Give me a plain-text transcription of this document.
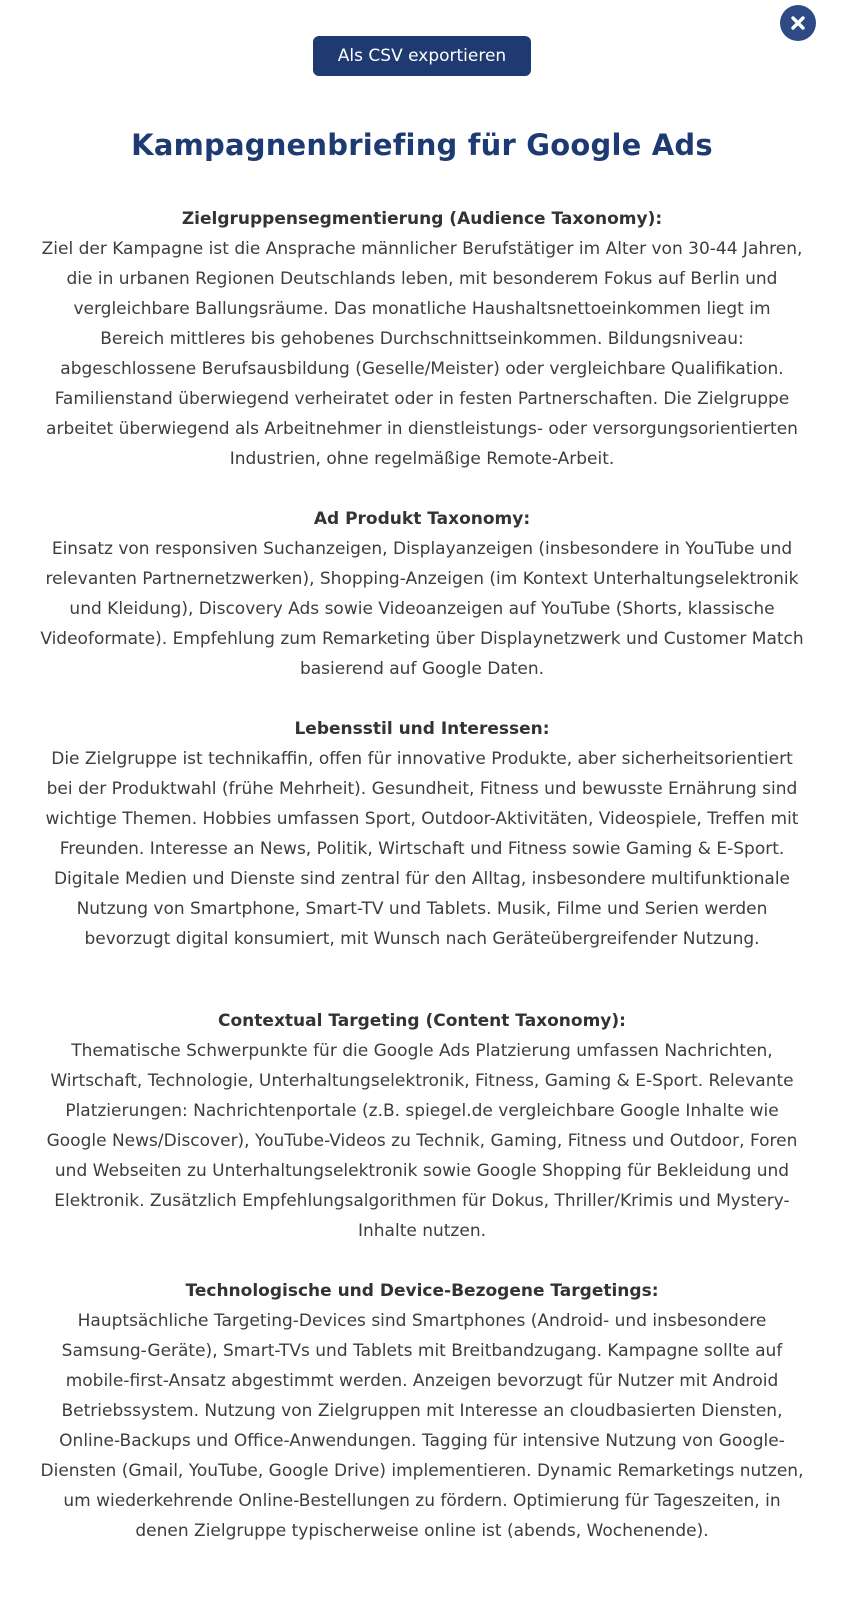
Als CSV exportieren
Kampagnenbriefing für Google Ads
Zielgruppensegmentierung (Audience Taxonomy):

Ziel der Kampagne ist die Ansprache männlicher Berufstätiger im Alter von 30-44 Jahren, die in urbanen Regionen Deutschlands leben, mit besonderem Fokus auf Berlin und vergleichbare Ballungsräume. Das monatliche Haushaltsnettoeinkommen liegt im Bereich mittleres bis gehobenes Durchschnittseinkommen. Bildungsniveau: abgeschlossene Berufsausbildung (Geselle/Meister) oder vergleichbare Qualifikation. Familienstand überwiegend verheiratet oder in festen Partnerschaften. Die Zielgruppe arbeitet überwiegend als Arbeitnehmer in dienstleistungs- oder versorgungsorientierten Industrien, ohne regelmäßige Remote-Arbeit.

Ad Produkt Taxonomy:

Einsatz von responsiven Suchanzeigen, Displayanzeigen (insbesondere in YouTube und relevanten Partnernetzwerken), Shopping-Anzeigen (im Kontext Unterhaltungselektronik und Kleidung), Discovery Ads sowie Videoanzeigen auf YouTube (Shorts, klassische Videoformate). Empfehlung zum Remarketing über Displaynetzwerk und Customer Match basierend auf Google Daten.

Lebensstil und Interessen:

Die Zielgruppe ist technikaffin, offen für innovative Produkte, aber sicherheitsorientiert bei der Produktwahl (frühe Mehrheit). Gesundheit, Fitness und bewusste Ernährung sind wichtige Themen. Hobbies umfassen Sport, Outdoor-Aktivitäten, Videospiele, Treffen mit Freunden. Interesse an News, Politik, Wirtschaft und Fitness sowie Gaming & E-Sport. Digitale Medien und Dienste sind zentral für den Alltag, insbesondere multifunktionale Nutzung von Smartphone, Smart-TV und Tablets. Musik, Filme und Serien werden bevorzugt digital konsumiert, mit Wunsch nach Geräteübergreifender Nutzung.

Contextual Targeting (Content Taxonomy):

Thematische Schwerpunkte für die Google Ads Platzierung umfassen Nachrichten, Wirtschaft, Technologie, Unterhaltungselektronik, Fitness, Gaming & E-Sport. Relevante Platzierungen: Nachrichtenportale (z.B. spiegel.de vergleichbare Google Inhalte wie Google News/Discover), YouTube-Videos zu Technik, Gaming, Fitness und Outdoor, Foren und Webseiten zu Unterhaltungselektronik sowie Google Shopping für Bekleidung und Elektronik. Zusätzlich Empfehlungsalgorithmen für Dokus, Thriller/Krimis und Mystery-Inhalte nutzen.

Technologische und Device-Bezogene Targetings:

Hauptsächliche Targeting-Devices sind Smartphones (Android- und insbesondere Samsung-Geräte), Smart-TVs und Tablets mit Breitbandzugang. Kampagne sollte auf mobile-first-Ansatz abgestimmt werden. Anzeigen bevorzugt für Nutzer mit Android Betriebssystem. Nutzung von Zielgruppen mit Interesse an cloudbasierten Diensten, Online-Backups und Office-Anwendungen. Tagging für intensive Nutzung von Google-Diensten (Gmail, YouTube, Google Drive) implementieren. Dynamic Remarketings nutzen, um wiederkehrende Online-Bestellungen zu fördern. Optimierung für Tageszeiten, in denen Zielgruppe typischerweise online ist (abends, Wochenende).
